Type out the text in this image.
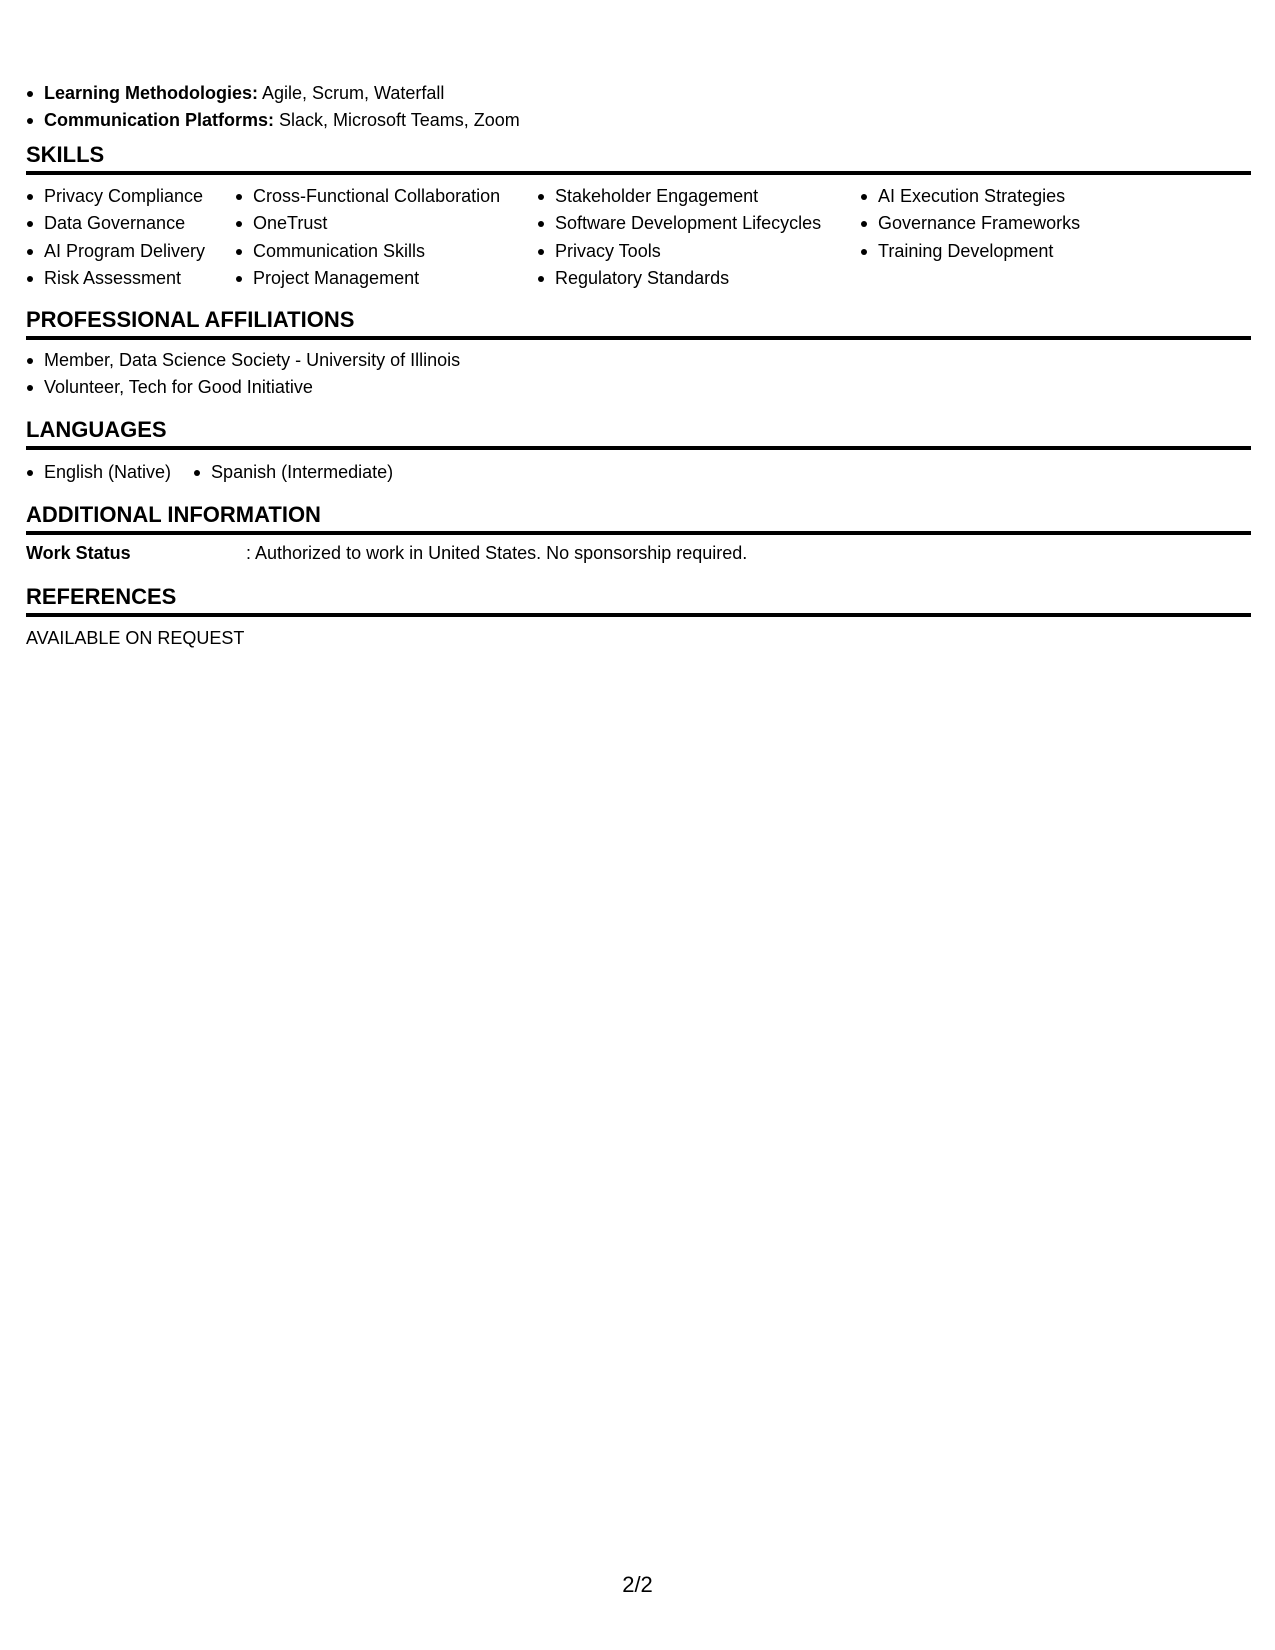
Learning Methodologies: Agile, Scrum, Waterfall
Communication Platforms: Slack, Microsoft Teams, Zoom
SKILLS
Privacy Compliance
Data Governance
AI Program Delivery
Risk Assessment
Cross-Functional Collaboration
OneTrust
Communication Skills
Project Management
Stakeholder Engagement
Software Development Lifecycles
Privacy Tools
Regulatory Standards
AI Execution Strategies
Governance Frameworks
Training Development
PROFESSIONAL AFFILIATIONS
Member, Data Science Society - University of Illinois
Volunteer, Tech for Good Initiative
LANGUAGES
English (Native)	Spanish (Intermediate)
ADDITIONAL INFORMATION
Work Status	: Authorized to work in United States. No sponsorship required.
REFERENCES
AVAILABLE ON REQUEST
2/2
